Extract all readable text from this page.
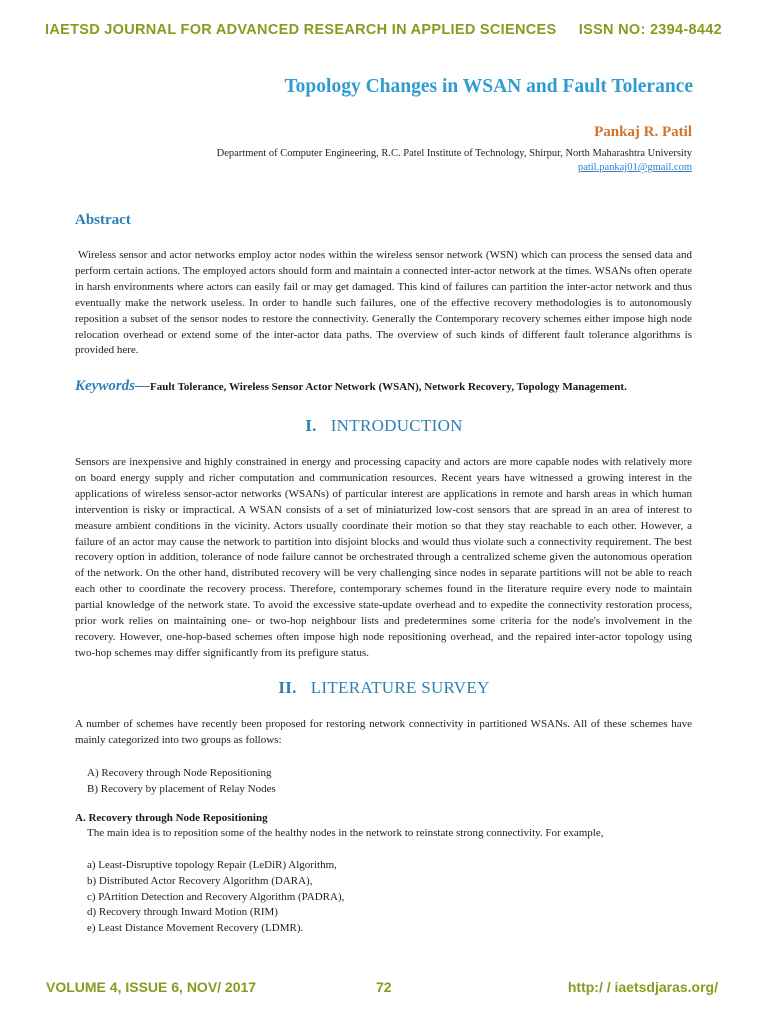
IAETSD JOURNAL FOR ADVANCED RESEARCH IN APPLIED SCIENCES ISSN NO: 2394-8442
Topology Changes in WSAN and Fault Tolerance
Pankaj R. Patil
Department of Computer Engineering, R.C. Patel Institute of Technology, Shirpur, North Maharashtra University
patil.pankaj01@gmail.com
Abstract
Wireless sensor and actor networks employ actor nodes within the wireless sensor network (WSN) which can process the sensed data and perform certain actions. The employed actors should form and maintain a connected inter-actor network at the times. WSANs often operate in harsh environments where actors can easily fail or may get damaged. This kind of failures can partition the inter-actor network and thus eventually make the network useless. In order to handle such failures, one of the effective recovery methodologies is to autonomously reposition a subset of the sensor nodes to restore the connectivity. Generally the Contemporary recovery schemes either impose high node relocation overhead or extend some of the inter-actor data paths. The overview of such kinds of different fault tolerance algorithms is provided here.
Keywords—Fault Tolerance, Wireless Sensor Actor Network (WSAN), Network Recovery, Topology Management.
I. INTRODUCTION
Sensors are inexpensive and highly constrained in energy and processing capacity and actors are more capable nodes with relatively more on board energy supply and richer computation and communication resources. Recent years have witnessed a growing interest in the applications of wireless sensor-actor networks (WSANs) of particular interest are applications in remote and harsh areas in which human intervention is risky or impractical. A WSAN consists of a set of miniaturized low-cost sensors that are spread in an area of interest to measure ambient conditions in the vicinity. Actors usually coordinate their motion so that they stay reachable to each other. However, a failure of an actor may cause the network to partition into disjoint blocks and would thus violate such a connectivity requirement. The best recovery option in addition, tolerance of node failure cannot be orchestrated through a centralized scheme given the autonomous operation of the network. On the other hand, distributed recovery will be very challenging since nodes in separate partitions will not be able to reach each other to coordinate the recovery process. Therefore, contemporary schemes found in the literature require every node to maintain partial knowledge of the network state. To avoid the excessive state-update overhead and to expedite the connectivity restoration process, prior work relies on maintaining one- or two-hop neighbour lists and predetermines some criteria for the node's involvement in the recovery. However, one-hop-based schemes often impose high node repositioning overhead, and the repaired inter-actor topology using two-hop schemes may differ significantly from its prefigure status.
II. LITERATURE SURVEY
A number of schemes have recently been proposed for restoring network connectivity in partitioned WSANs. All of these schemes have mainly categorized into two groups as follows:
A) Recovery through Node Repositioning
B) Recovery by placement of Relay Nodes
A. Recovery through Node Repositioning
The main idea is to reposition some of the healthy nodes in the network to reinstate strong connectivity. For example,
a) Least-Disruptive topology Repair (LeDiR) Algorithm,
b) Distributed Actor Recovery Algorithm (DARA),
c) PArtition Detection and Recovery Algorithm (PADRA),
d) Recovery through Inward Motion (RIM)
e) Least Distance Movement Recovery (LDMR).
VOLUME 4, ISSUE 6, NOV/ 2017	72	http:/ / iaetsdjaras.org/
